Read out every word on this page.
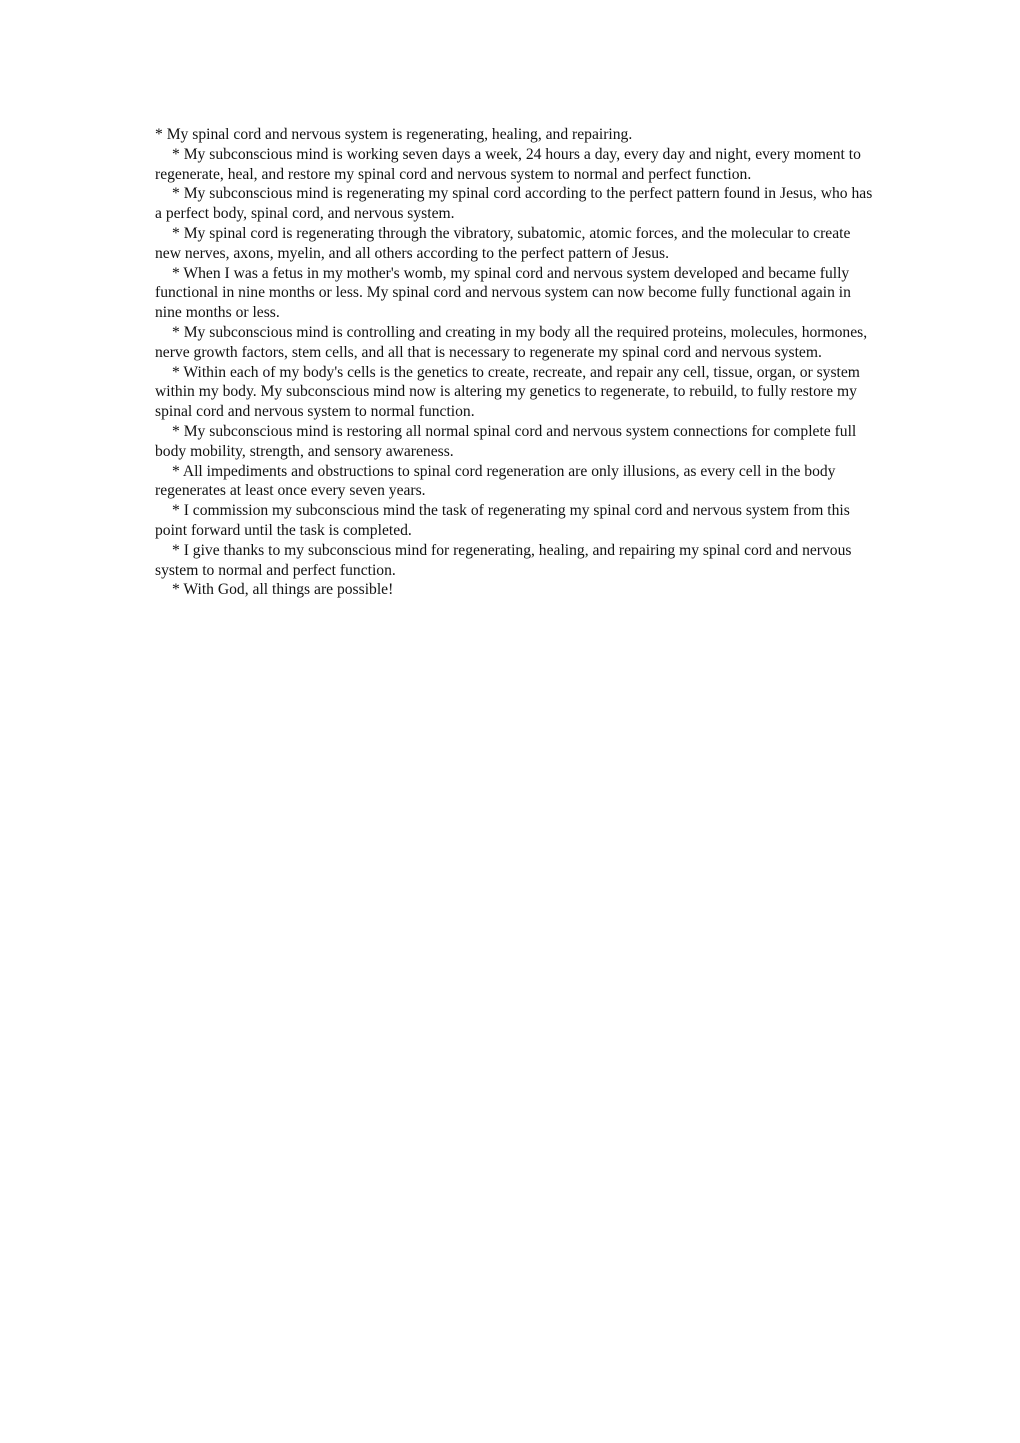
* My spinal cord and nervous system is regenerating, healing, and repairing.

* My subconscious mind is working seven days a week, 24 hours a day, every day and night, every moment to regenerate, heal, and restore my spinal cord and nervous system to normal and perfect function.

* My subconscious mind is regenerating my spinal cord according to the perfect pattern found in Jesus, who has a perfect body, spinal cord, and nervous system.

* My spinal cord is regenerating through the vibratory, subatomic, atomic forces, and the molecular to create new nerves, axons, myelin, and all others according to the perfect pattern of Jesus.

* When I was a fetus in my mother's womb, my spinal cord and nervous system developed and became fully functional in nine months or less. My spinal cord and nervous system can now become fully functional again in nine months or less.

* My subconscious mind is controlling and creating in my body all the required proteins, molecules, hormones, nerve growth factors, stem cells, and all that is necessary to regenerate my spinal cord and nervous system.

* Within each of my body's cells is the genetics to create, recreate, and repair any cell, tissue, organ, or system within my body. My subconscious mind now is altering my genetics to regenerate, to rebuild, to fully restore my spinal cord and nervous system to normal function.

* My subconscious mind is restoring all normal spinal cord and nervous system connections for complete full body mobility, strength, and sensory awareness.

* All impediments and obstructions to spinal cord regeneration are only illusions, as every cell in the body regenerates at least once every seven years.

* I commission my subconscious mind the task of regenerating my spinal cord and nervous system from this point forward until the task is completed.

* I give thanks to my subconscious mind for regenerating, healing, and repairing my spinal cord and nervous system to normal and perfect function.

* With God, all things are possible!
